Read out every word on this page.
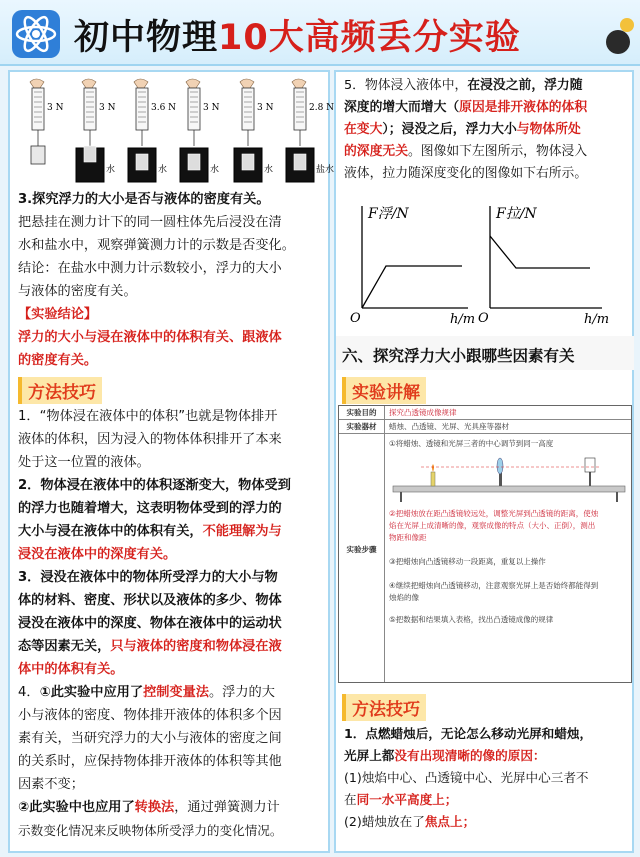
初中物理10大高频丢分实验
3 N	3 N
水
3.6 N
水
3 N
水
3 N
水
2.8 N
盐水
3.探究浮力的大小是否与液体的密度有关。
把悬挂在测力计下的同一圆柱体先后浸没在清
水和盐水中，观察弹簧测力计的示数是否变化。
结论：在盐水中测力计示数较小，浮力的大小
与液体的密度有关。
【实验结论】
浮力的大小与浸在液体中的体积有关、跟液体
的密度有关。
方法技巧
1．“物体浸在液体中的体积”也就是物体排开
液体的体积，因为浸入的物体体积排开了本来
处于这一位置的液体。
2．物体浸在液体中的体积逐渐变大，物体受到
的浮力也随着增大，这表明物体受到的浮力的
大小与浸在液体中的体积有关，不能理解为与
浸没在液体中的深度有关。
3．浸没在液体中的物体所受浮力的大小与物
体的材料、密度、形状以及液体的多少、物体
浸没在液体中的深度、物体在液体中的运动状
态等因素无关，只与液体的密度和物体浸在液
体中的体积有关。
4．①此实验中应用了控制变量法。浮力的大
小与液体的密度、物体排开液体的体积多个因
素有关，当研究浮力的大小与液体的密度之间
的关系时，应保持物体排开液体的体积等其他
因素不变；
②此实验中也应用了转换法，通过弹簧测力计
示数变化情况来反映物体所受浮力的变化情况。
5．物体浸入液体中，在浸没之前，浮力随
深度的增大而增大（原因是排开液体的体积
在变大）；浸没之后，浮力大小与物体所处
的深度无关。图像如下左图所示，物体浸入
液体，拉力随深度变化的图像如下右所示。
F浮/N
O	h/m
F拉/N
O	h/m
六、探究浮力大小跟哪些因素有关
实验讲解
实验目的	探究凸透镜成像规律
实验器材	蜡烛、凸透镜、光屏、光具座等器材
实验步骤
①将蜡烛、透镜和光屏三者的中心调节到同一高度
②把蜡烛放在距凸透镜较远处，调整光屏到凸透镜的距离，使烛
焰在光屏上成清晰的像，观察成像的特点（大小、正倒），测出
物距和像距
③把蜡烛向凸透镜移动一段距离，重复以上操作
④继续把蜡烛向凸透镜移动，注意观察光屏上是否始终都能得到
烛焰的像
⑤把数据和结果填入表格，找出凸透镜成像的规律
方法技巧
1．点燃蜡烛后，无论怎么移动光屏和蜡烛，
光屏上都没有出现清晰的像的原因：
(1)烛焰中心、凸透镜中心、光屏中心三者不
在同一水平高度上；
(2)蜡烛放在了焦点上；
